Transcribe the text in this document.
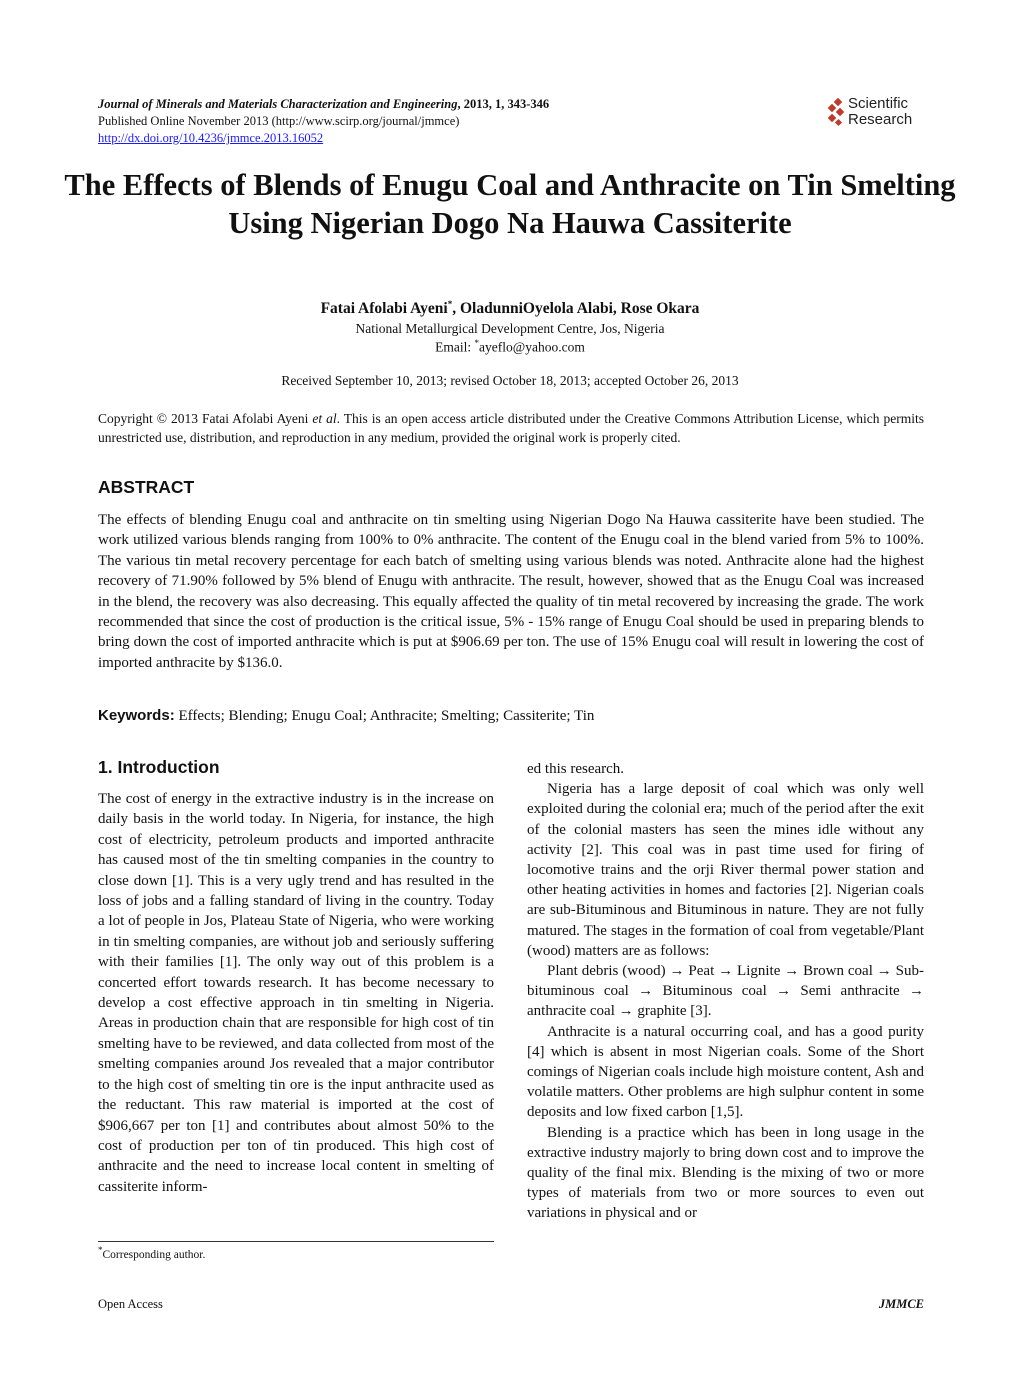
Journal of Minerals and Materials Characterization and Engineering, 2013, 1, 343-346
Published Online November 2013 (http://www.scirp.org/journal/jmmce)
http://dx.doi.org/10.4236/jmmce.2013.16052
Scientific
Research
The Effects of Blends of Enugu Coal and Anthracite on Tin Smelting Using Nigerian Dogo Na Hauwa Cassiterite
Fatai Afolabi Ayeni*, OladunniOyelola Alabi, Rose Okara
National Metallurgical Development Centre, Jos, Nigeria
Email: *ayeflo@yahoo.com
Received September 10, 2013; revised October 18, 2013; accepted October 26, 2013
Copyright © 2013 Fatai Afolabi Ayeni et al. This is an open access article distributed under the Creative Commons Attribution License, which permits unrestricted use, distribution, and reproduction in any medium, provided the original work is properly cited.
ABSTRACT
The effects of blending Enugu coal and anthracite on tin smelting using Nigerian Dogo Na Hauwa cassiterite have been studied. The work utilized various blends ranging from 100% to 0% anthracite. The content of the Enugu coal in the blend varied from 5% to 100%. The various tin metal recovery percentage for each batch of smelting using various blends was noted. Anthracite alone had the highest recovery of 71.90% followed by 5% blend of Enugu with anthracite. The result, however, showed that as the Enugu Coal was increased in the blend, the recovery was also decreasing. This equally affected the quality of tin metal recovered by increasing the grade. The work recommended that since the cost of production is the critical issue, 5% - 15% range of Enugu Coal should be used in preparing blends to bring down the cost of imported anthracite which is put at $906.69 per ton. The use of 15% Enugu coal will result in lowering the cost of imported anthracite by $136.0.
Keywords: Effects; Blending; Enugu Coal; Anthracite; Smelting; Cassiterite; Tin
1. Introduction

The cost of energy in the extractive industry is in the increase on daily basis in the world today. In Nigeria, for instance, the high cost of electricity, petroleum products and imported anthracite has caused most of the tin smelting companies in the country to close down [1]. This is a very ugly trend and has resulted in the loss of jobs and a falling standard of living in the country. Today a lot of people in Jos, Plateau State of Nigeria, who were working in tin smelting companies, are without job and seriously suffering with their families [1]. The only way out of this problem is a concerted effort towards research. It has become necessary to develop a cost effective approach in tin smelting in Nigeria. Areas in production chain that are responsible for high cost of tin smelting have to be reviewed, and data collected from most of the smelting companies around Jos revealed that a major contributor to the high cost of smelting tin ore is the input anthracite used as the reductant. This raw material is imported at the cost of $906,667 per ton [1] and contributes about almost 50% to the cost of production per ton of tin produced. This high cost of anthracite and the need to increase local content in smelting of cassiterite inform-

ed this research.

Nigeria has a large deposit of coal which was only well exploited during the colonial era; much of the period after the exit of the colonial masters has seen the mines idle without any activity [2]. This coal was in past time used for firing of locomotive trains and the orji River thermal power station and other heating activities in homes and factories [2]. Nigerian coals are sub-Bituminous and Bituminous in nature. They are not fully matured. The stages in the formation of coal from vegetable/Plant (wood) matters are as follows:

Plant debris (wood) → Peat → Lignite → Brown coal → Sub-bituminous coal → Bituminous coal → Semi anthracite → anthracite coal → graphite [3].

Anthracite is a natural occurring coal, and has a good purity [4] which is absent in most Nigerian coals. Some of the Short comings of Nigerian coals include high moisture content, Ash and volatile matters. Other problems are high sulphur content in some deposits and low fixed carbon [1,5].

Blending is a practice which has been in long usage in the extractive industry majorly to bring down cost and to improve the quality of the final mix. Blending is the mixing of two or more types of materials from two or more sources to even out variations in physical and or

*Corresponding author.
Open Access	JMMCE
